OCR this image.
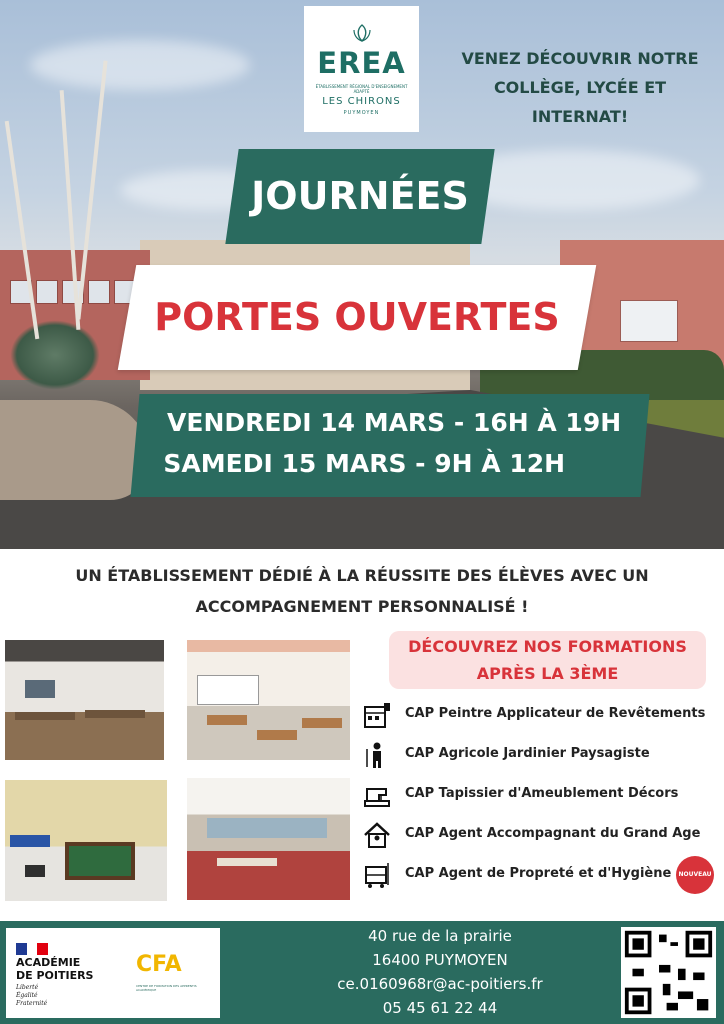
EREA
ÉTABLISSEMENT RÉGIONAL D'ENSEIGNEMENT ADAPTÉ
LES CHIRONS
PUYMOYEN
VENEZ DÉCOUVRIR NOTRE COLLÈGE, LYCÉE ET INTERNAT!
JOURNÉES
PORTES OUVERTES
VENDREDI 14 MARS - 16H À 19H
SAMEDI 15 MARS - 9H À 12H
UN ÉTABLISSEMENT DÉDIÉ À LA RÉUSSITE DES ÉLÈVES AVEC UN ACCOMPAGNEMENT PERSONNALISÉ !
DÉCOUVREZ NOS FORMATIONS APRÈS LA 3ÈME
CAP Peintre Applicateur de Revêtements
CAP Agricole Jardinier Paysagiste
CAP Tapissier d'Ameublement Décors
CAP Agent Accompagnant du Grand Age
CAP Agent de Propreté et d'Hygiène	NOUVEAU
ACADÉMIE
DE POITIERS
Liberté
Égalité
Fraternité
CFA
CENTRE DE FORMATION DES APPRENTIS ACADÉMIQUE
40 rue de la prairie
16400 PUYMOYEN
ce.0160968r@ac-poitiers.fr
05 45 61 22 44
